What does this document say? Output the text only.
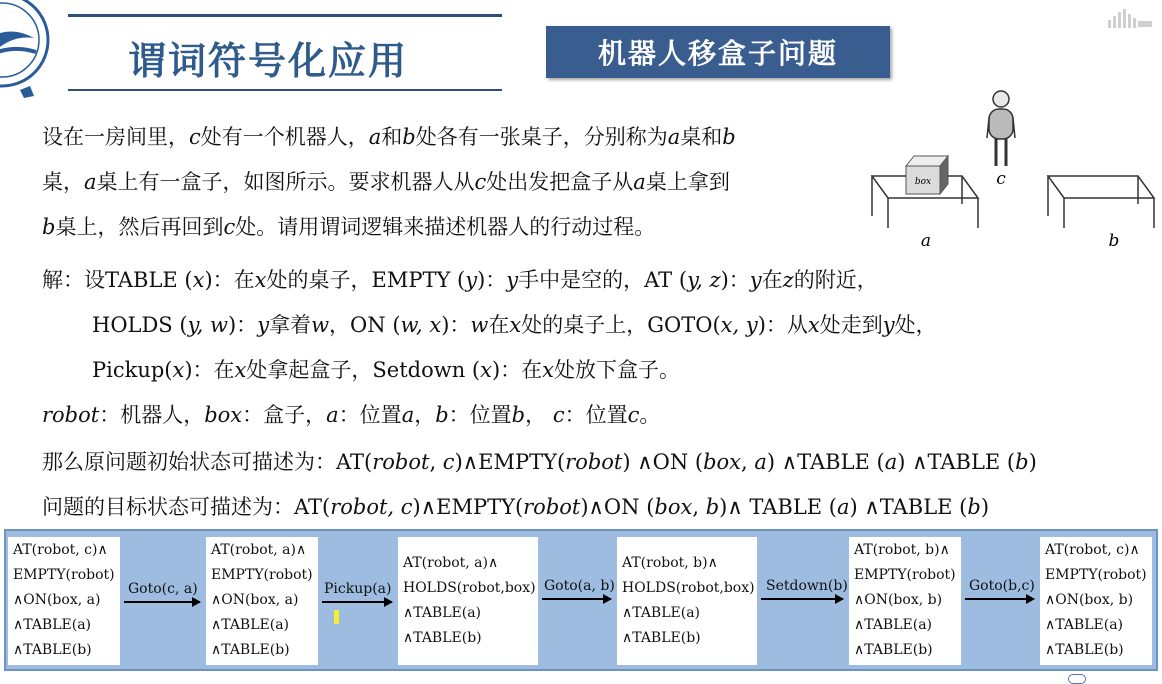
谓词符号化应用	机器人移盒子问题
设在一房间里，c处有一个机器人，a和b处各有一张桌子，分别称为a桌和b
桌，a桌上有一盒子，如图所示。要求机器人从c处出发把盒子从a桌上拿到
b桌上，然后再回到c处。请用谓词逻辑来描述机器人的行动过程。
box	c
a	b
解：设TABLE (x)：在x处的桌子，EMPTY (y)：y手中是空的，AT (y, z)：y在z的附近，
HOLDS (y, w)：y拿着w，ON (w, x)：w在x处的桌子上，GOTO(x, y)：从x处走到y处，
Pickup(x)：在x处拿起盒子，Setdown (x)：在x处放下盒子。
robot：机器人，box：盒子，a：位置a，b：位置b， c：位置c。
那么原问题初始状态可描述为：AT(robot, c)∧EMPTY(robot) ∧ON (box, a) ∧TABLE (a) ∧TABLE (b)
问题的目标状态可描述为：AT(robot, c)∧EMPTY(robot)∧ON (box, b)∧ TABLE (a) ∧TABLE (b)
AT(robot, c)∧
EMPTY(robot)
∧ON(box, a)
∧TABLE(a)
∧TABLE(b)
AT(robot, a)∧
EMPTY(robot)
∧ON(box, a)
∧TABLE(a)
∧TABLE(b)
AT(robot, a)∧
HOLDS(robot,box)
∧TABLE(a)
∧TABLE(b)
AT(robot, b)∧
HOLDS(robot,box)
∧TABLE(a)
∧TABLE(b)
AT(robot, b)∧
EMPTY(robot)
∧ON(box, b)
∧TABLE(a)
∧TABLE(b)
AT(robot, c)∧
EMPTY(robot)
∧ON(box, b)
∧TABLE(a)
∧TABLE(b)
Goto(c, a)	Pickup(a)	Goto(a, b)	Setdown(b)	Goto(b,c)
